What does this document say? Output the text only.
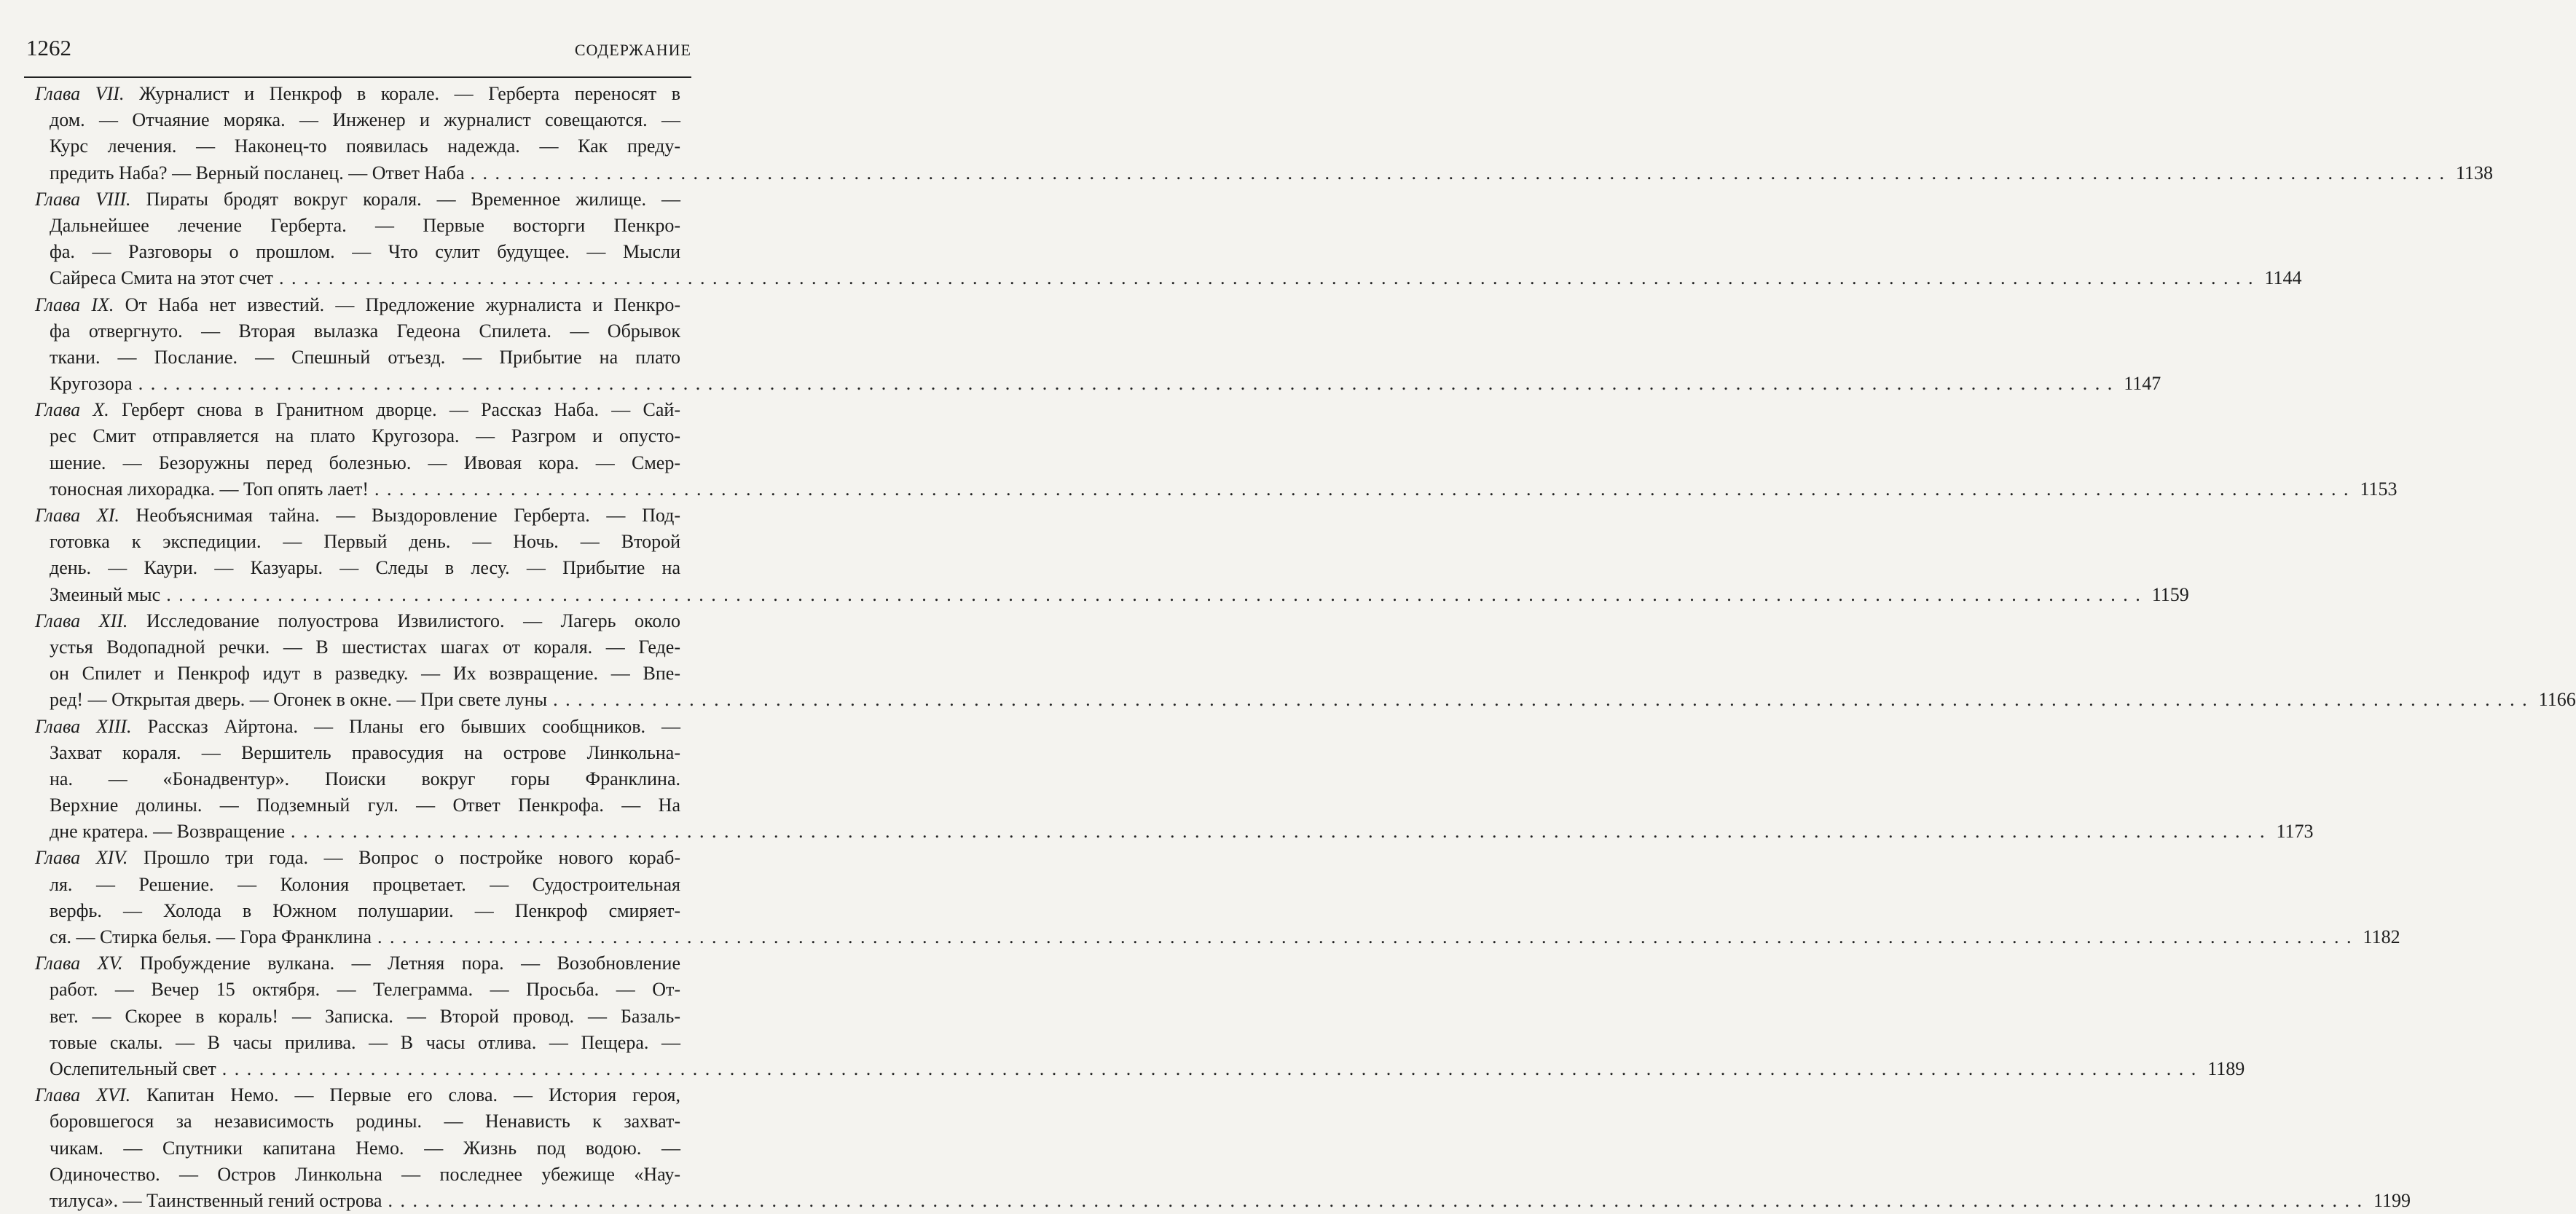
1262	СОДЕРЖАНИЕ
Глава VII. Журналист и Пенкроф в корале. — Герберта переносят в
дом. — Отчаяние моряка. — Инженер и журналист совещаются. —
Курс лечения. — Наконец-то появилась надежда. — Как преду-
предить Наба? — Верный посланец. — Ответ Наба . . . . . . . . . . . . . . . . . . . . . . . . . . . . . . . . . . . . . . . . . . . . . . . . . . . . . . . . . . . . . . . . . . . . . . . . . . . . . . . . . . . . . . . . . . . . . . . . . . . . . . . . . . . . . . . . . . . . . . . . . . . . . . . . . . . . . . . . . . . . . . . . . . . . . . . . . . . . . . . . 1138
Глава VIII. Пираты бродят вокруг кораля. — Временное жилище. —
Дальнейшее лечение Герберта. — Первые восторги Пенкро-
фа. — Разговоры о прошлом. — Что сулит будущее. — Мысли
Сайреса Смита на этот счет . . . . . . . . . . . . . . . . . . . . . . . . . . . . . . . . . . . . . . . . . . . . . . . . . . . . . . . . . . . . . . . . . . . . . . . . . . . . . . . . . . . . . . . . . . . . . . . . . . . . . . . . . . . . . . . . . . . . . . . . . . . . . . . . . . . . . . . . . . . . . . . . . . . . . . . . . . . . . . . . 1144
Глава IX. От Наба нет известий. — Предложение журналиста и Пенкро-
фа отвергнуто. — Вторая вылазка Гедеона Спилета. — Обрывок
ткани. — Послание. — Спешный отъезд. — Прибытие на плато
Кругозора . . . . . . . . . . . . . . . . . . . . . . . . . . . . . . . . . . . . . . . . . . . . . . . . . . . . . . . . . . . . . . . . . . . . . . . . . . . . . . . . . . . . . . . . . . . . . . . . . . . . . . . . . . . . . . . . . . . . . . . . . . . . . . . . . . . . . . . . . . . . . . . . . . . . . . . . . . . . . . . . 1147
Глава X. Герберт снова в Гранитном дворце. — Рассказ Наба. — Сай-
рес Смит отправляется на плато Кругозора. — Разгром и опусто-
шение. — Безоружны перед болезнью. — Ивовая кора. — Смер-
тоносная лихорадка. — Топ опять лает! . . . . . . . . . . . . . . . . . . . . . . . . . . . . . . . . . . . . . . . . . . . . . . . . . . . . . . . . . . . . . . . . . . . . . . . . . . . . . . . . . . . . . . . . . . . . . . . . . . . . . . . . . . . . . . . . . . . . . . . . . . . . . . . . . . . . . . . . . . . . . . . . . . . . . . . . . . . . . . . . 1153
Глава XI. Необъяснимая тайна. — Выздоровление Герберта. — Под-
готовка к экспедиции. — Первый день. — Ночь. — Второй
день. — Каури. — Казуары. — Следы в лесу. — Прибытие на
Змеиный мыс . . . . . . . . . . . . . . . . . . . . . . . . . . . . . . . . . . . . . . . . . . . . . . . . . . . . . . . . . . . . . . . . . . . . . . . . . . . . . . . . . . . . . . . . . . . . . . . . . . . . . . . . . . . . . . . . . . . . . . . . . . . . . . . . . . . . . . . . . . . . . . . . . . . . . . . . . . . . . . . . 1159
Глава XII. Исследование полуострова Извилистого. — Лагерь около
устья Водопадной речки. — В шестистах шагах от кораля. — Геде-
он Спилет и Пенкроф идут в разведку. — Их возвращение. — Впе-
ред! — Открытая дверь. — Огонек в окне. — При свете луны . . . . . . . . . . . . . . . . . . . . . . . . . . . . . . . . . . . . . . . . . . . . . . . . . . . . . . . . . . . . . . . . . . . . . . . . . . . . . . . . . . . . . . . . . . . . . . . . . . . . . . . . . . . . . . . . . . . . . . . . . . . . . . . . . . . . . . . . . . . . . . . . . . . . . . . . . . . . . . . . 1166
Глава XIII. Рассказ Айртона. — Планы его бывших сообщников. —
Захват кораля. — Вершитель правосудия на острове Линкольна-
на. — «Бонадвентур». Поиски вокруг горы Франклина.
Верхние долины. — Подземный гул. — Ответ Пенкрофа. — На
дне кратера. — Возвращение . . . . . . . . . . . . . . . . . . . . . . . . . . . . . . . . . . . . . . . . . . . . . . . . . . . . . . . . . . . . . . . . . . . . . . . . . . . . . . . . . . . . . . . . . . . . . . . . . . . . . . . . . . . . . . . . . . . . . . . . . . . . . . . . . . . . . . . . . . . . . . . . . . . . . . . . . . . . . . . . 1173
Глава XIV. Прошло три года. — Вопрос о постройке нового кораб-
ля. — Решение. — Колония процветает. — Судостроительная
верфь. — Холода в Южном полушарии. — Пенкроф смиряет-
ся. — Стирка белья. — Гора Франклина . . . . . . . . . . . . . . . . . . . . . . . . . . . . . . . . . . . . . . . . . . . . . . . . . . . . . . . . . . . . . . . . . . . . . . . . . . . . . . . . . . . . . . . . . . . . . . . . . . . . . . . . . . . . . . . . . . . . . . . . . . . . . . . . . . . . . . . . . . . . . . . . . . . . . . . . . . . . . . . . 1182
Глава XV. Пробуждение вулкана. — Летняя пора. — Возобновление
работ. — Вечер 15 октября. — Телеграмма. — Просьба. — От-
вет. — Скорее в кораль! — Записка. — Второй провод. — Базаль-
товые скалы. — В часы прилива. — В часы отлива. — Пещера. —
Ослепительный свет . . . . . . . . . . . . . . . . . . . . . . . . . . . . . . . . . . . . . . . . . . . . . . . . . . . . . . . . . . . . . . . . . . . . . . . . . . . . . . . . . . . . . . . . . . . . . . . . . . . . . . . . . . . . . . . . . . . . . . . . . . . . . . . . . . . . . . . . . . . . . . . . . . . . . . . . . . . . . . . . 1189
Глава XVI. Капитан Немо. — Первые его слова. — История героя,
боровшегося за независимость родины. — Ненависть к захват-
чикам. — Спутники капитана Немо. — Жизнь под водою. —
Одиночество. — Остров Линкольна — последнее убежище «Нау-
тилуса». — Таинственный гений острова . . . . . . . . . . . . . . . . . . . . . . . . . . . . . . . . . . . . . . . . . . . . . . . . . . . . . . . . . . . . . . . . . . . . . . . . . . . . . . . . . . . . . . . . . . . . . . . . . . . . . . . . . . . . . . . . . . . . . . . . . . . . . . . . . . . . . . . . . . . . . . . . . . . . . . . . . . . . . . . . 1199
